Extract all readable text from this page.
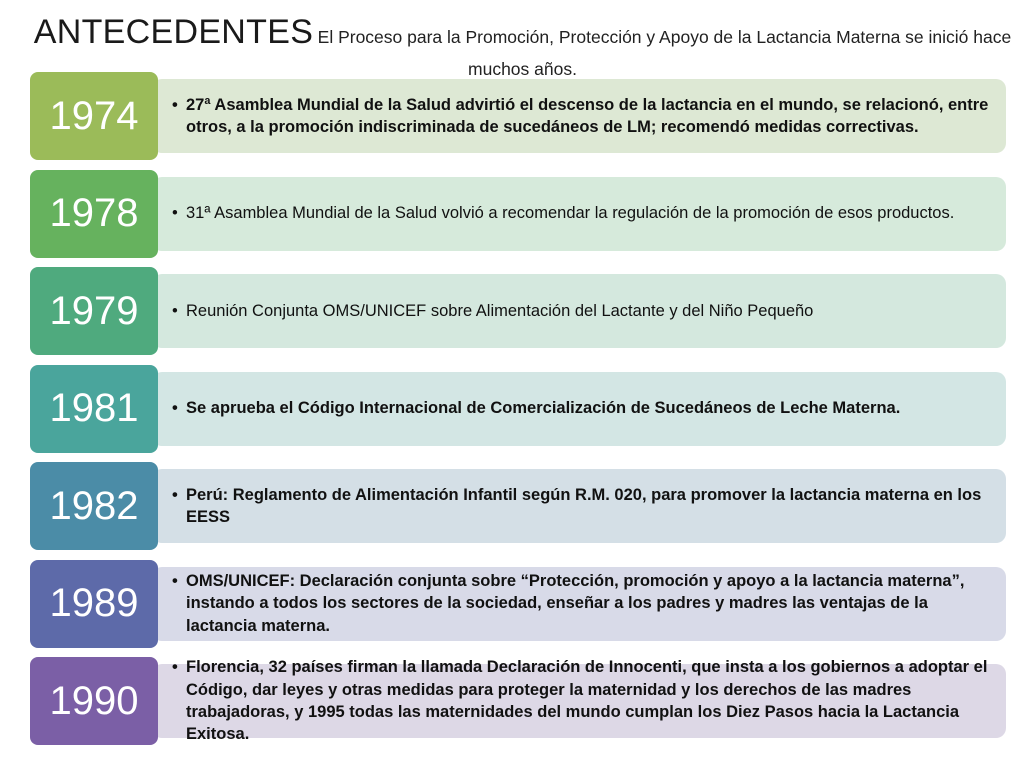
ANTECEDENTES El Proceso para la Promoción, Protección y Apoyo de la Lactancia Materna se inició hace muchos años.
• 27ª Asamblea Mundial de la Salud advirtió el descenso de la lactancia en el mundo, se relacionó, entre otros, a la promoción indiscriminada de sucedáneos de LM; recomendó medidas correctivas.
1974
• 31ª Asamblea Mundial de la Salud volvió a recomendar la regulación de la promoción de esos productos.
1978
• Reunión Conjunta OMS/UNICEF sobre Alimentación del Lactante y del Niño Pequeño
1979
• Se aprueba el Código Internacional de Comercialización de Sucedáneos de Leche Materna.
1981
• Perú: Reglamento de Alimentación Infantil según R.M. 020, para promover la lactancia materna en los EESS
1982
• OMS/UNICEF: Declaración conjunta sobre “Protección, promoción y apoyo a la lactancia materna”, instando a todos los sectores de la sociedad, enseñar a los padres y madres las ventajas de la lactancia materna.
1989
• Florencia, 32 países firman la llamada Declaración de Innocenti, que insta a los gobiernos a adoptar el Código, dar leyes y otras medidas para proteger la maternidad y los derechos de las madres trabajadoras, y 1995 todas las maternidades del mundo cumplan los Diez Pasos hacia la Lactancia Exitosa.
1990
